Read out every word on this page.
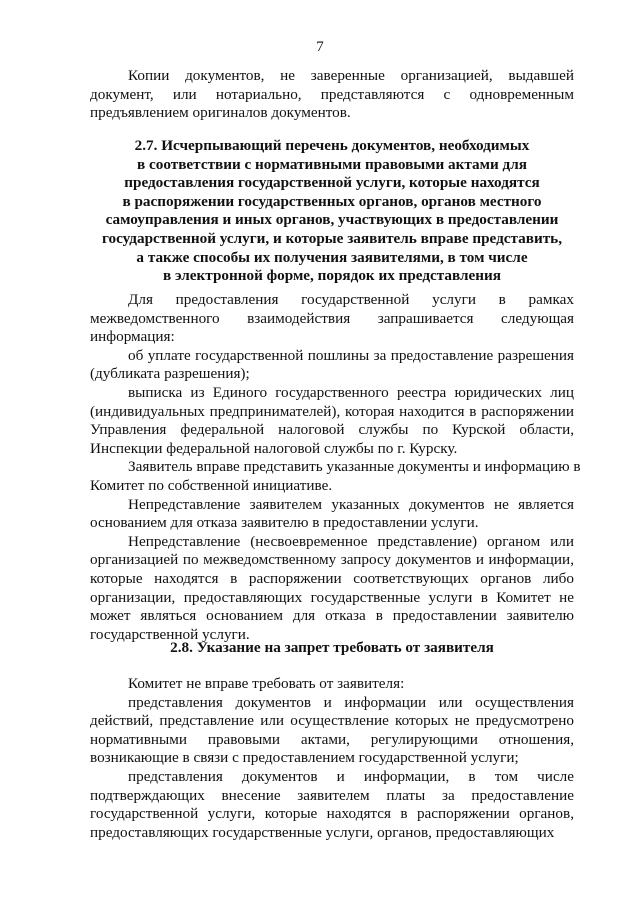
7

Копии документов, не заверенные организацией, выдавшей
документ, или нотариально, представляются с одновременным
предъявлением оригиналов документов.

2.7. Исчерпывающий перечень документов, необходимых
в соответствии с нормативными правовыми актами для
предоставления государственной услуги, которые находятся
в распоряжении государственных органов, органов местного
самоуправления и иных органов, участвующих в предоставлении
государственной услуги, и которые заявитель вправе представить,
а также способы их получения заявителями, в том числе
в электронной форме, порядок их представления

Для предоставления государственной услуги в рамках
межведомственного взаимодействия запрашивается следующая
информация:

об уплате государственной пошлины за предоставление разрешения
(дубликата разрешения);

выписка из Единого государственного реестра юридических лиц
(индивидуальных предпринимателей), которая находится в распоряжении
Управления федеральной налоговой службы по Курской области,
Инспекции федеральной налоговой службы по г. Курску.

Заявитель вправе представить указанные документы и информацию в
Комитет по собственной инициативе.

Непредставление заявителем указанных документов не является
основанием для отказа заявителю в предоставлении услуги.

Непредставление (несвоевременное представление) органом или
организацией по межведомственному запросу документов и информации,
которые находятся в распоряжении соответствующих органов либо
организации, предоставляющих государственные услуги в Комитет не
может являться основанием для отказа в предоставлении заявителю
государственной услуги.

2.8. Указание на запрет требовать от заявителя

Комитет не вправе требовать от заявителя:

представления документов и информации или осуществления
действий, представление или осуществление которых не предусмотрено
нормативными правовыми актами, регулирующими отношения,
возникающие в связи с предоставлением государственной услуги;

представления документов и информации, в том числе
подтверждающих внесение заявителем платы за предоставление
государственной услуги, которые находятся в распоряжении органов,
предоставляющих государственные услуги, органов, предоставляющих
